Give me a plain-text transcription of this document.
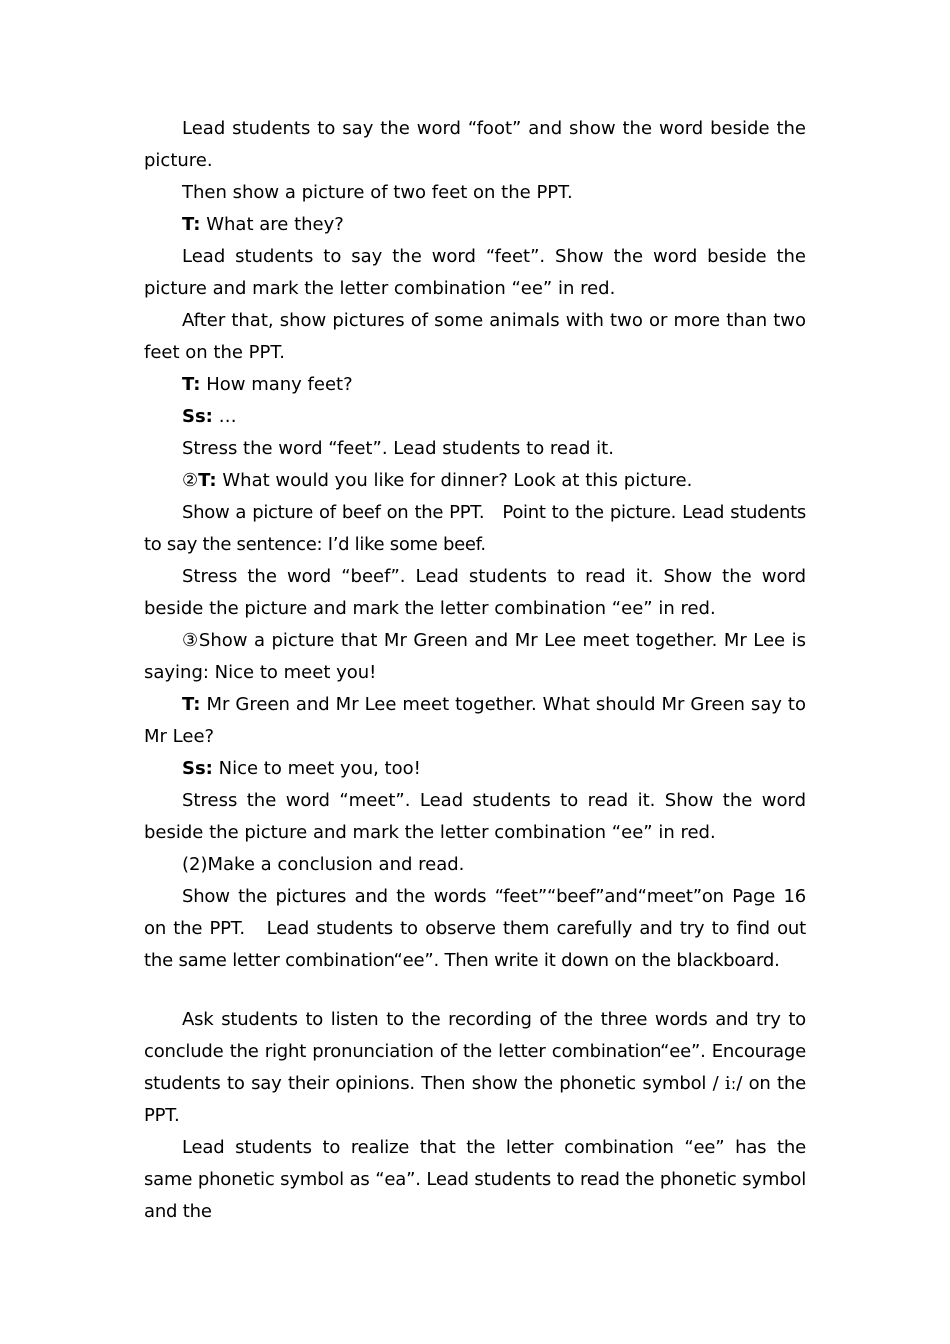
Lead students to say the word “foot” and show the word beside the picture.

Then show a picture of two feet on the PPT.

T: What are they?

Lead students to say the word “feet”. Show the word beside the picture and mark the letter combination “ee” in red.

After that, show pictures of some animals with two or more than two feet on the PPT.

T: How many feet?

Ss: …

Stress the word “feet”. Lead students to read it.

②T: What would you like for dinner? Look at this picture.

Show a picture of beef on the PPT.   Point to the picture. Lead students to say the sentence: I’d like some beef.

Stress the word “beef”. Lead students to read it. Show the word beside the picture and mark the letter combination “ee” in red.

③Show a picture that Mr Green and Mr Lee meet together. Mr Lee is saying: Nice to meet you!

T: Mr Green and Mr Lee meet together. What should Mr Green say to Mr Lee?

Ss: Nice to meet you, too!

Stress the word “meet”. Lead students to read it. Show the word beside the picture and mark the letter combination “ee” in red.

(2)Make a conclusion and read.

Show the pictures and the words “feet”“beef”and“meet”on Page 16 on the PPT.   Lead students to observe them carefully and try to find out the same letter combination“ee”. Then write it down on the blackboard.

Ask students to listen to the recording of the three words and try to conclude the right pronunciation of the letter combination“ee”. Encourage students to say their opinions. Then show the phonetic symbol / iː/ on the PPT.

Lead students to realize that the letter combination “ee” has the same phonetic symbol as “ea”. Lead students to read the phonetic symbol and the
